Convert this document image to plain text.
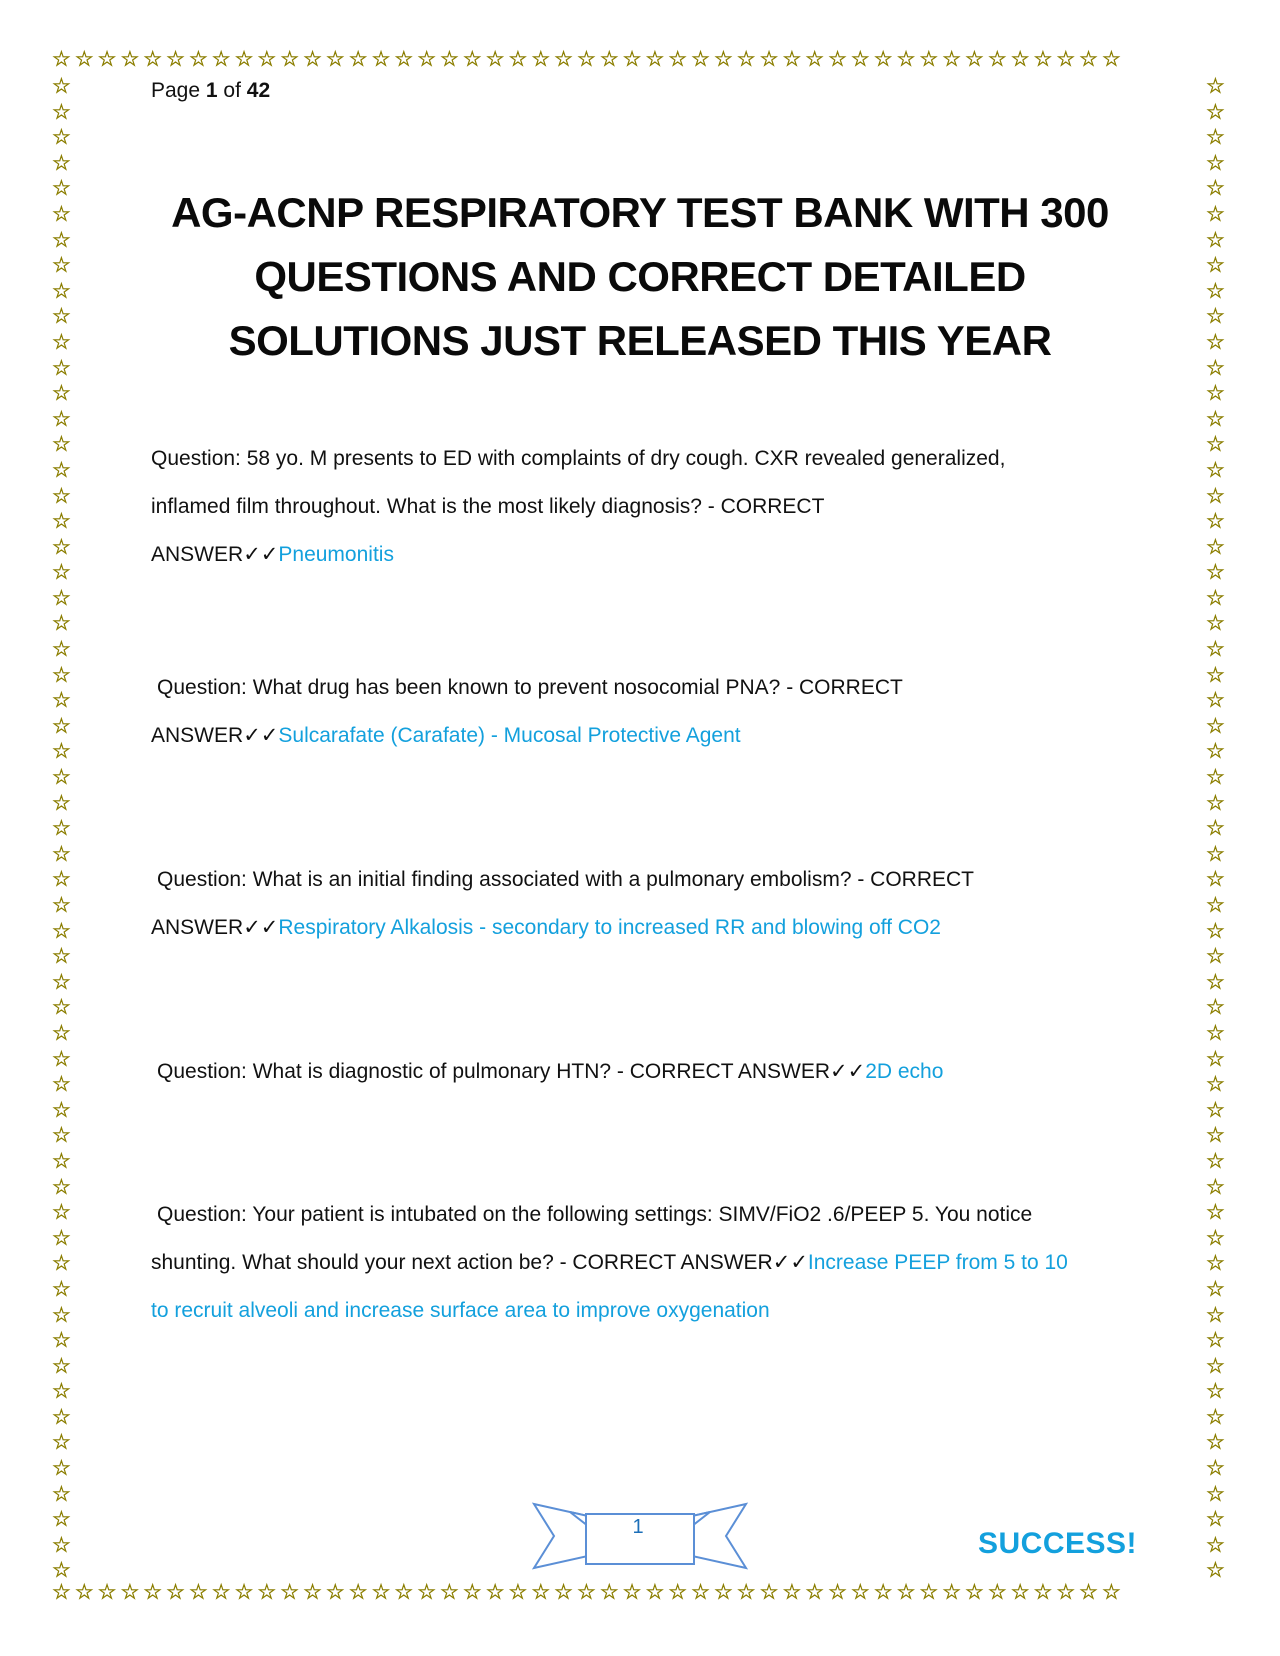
☆☆☆☆☆☆☆☆☆☆☆☆☆☆☆☆☆☆☆☆☆☆☆☆☆☆☆☆☆☆☆☆☆☆☆☆☆☆☆☆☆☆☆☆☆☆☆
☆☆☆☆☆☆☆☆☆☆☆☆☆☆☆☆☆☆☆☆☆☆☆☆☆☆☆☆☆☆☆☆☆☆☆☆☆☆☆☆☆☆☆☆☆☆☆
☆
☆
☆
☆
☆
☆
☆
☆
☆
☆
☆
☆
☆
☆
☆
☆
☆
☆
☆
☆
☆
☆
☆
☆
☆
☆
☆
☆
☆
☆
☆
☆
☆
☆
☆
☆
☆
☆
☆
☆
☆
☆
☆
☆
☆
☆
☆
☆
☆
☆
☆
☆
☆
☆
☆
☆
☆
☆
☆
☆
☆
☆
☆
☆
☆
☆
☆
☆
☆
☆
☆
☆
☆
☆
☆
☆
☆
☆
☆
☆
☆
☆
☆
☆
☆
☆
☆
☆
☆
☆
☆
☆
☆
☆
☆
☆
☆
☆
☆
☆
☆
☆
☆
☆
☆
☆
☆
☆
☆
☆
☆
☆
☆
☆
☆
☆
☆
☆
Page 1 of 42
AG-ACNP RESPIRATORY TEST BANK WITH 300
QUESTIONS AND CORRECT DETAILED
SOLUTIONS JUST RELEASED THIS YEAR
Question: 58 yo. M presents to ED with complaints of dry cough. CXR revealed generalized,
inflamed film throughout. What is the most likely diagnosis? - CORRECT
ANSWER✓✓Pneumonitis
Question: What drug has been known to prevent nosocomial PNA? - CORRECT
ANSWER✓✓Sulcarafate (Carafate) - Mucosal Protective Agent
Question: What is an initial finding associated with a pulmonary embolism? - CORRECT
ANSWER✓✓Respiratory Alkalosis - secondary to increased RR and blowing off CO2
Question: What is diagnostic of pulmonary HTN? - CORRECT ANSWER✓✓2D echo
Question: Your patient is intubated on the following settings: SIMV/FiO2 .6/PEEP 5. You notice
shunting. What should your next action be? - CORRECT ANSWER✓✓Increase PEEP from 5 to 10
to recruit alveoli and increase surface area to improve oxygenation
1	SUCCESS!
